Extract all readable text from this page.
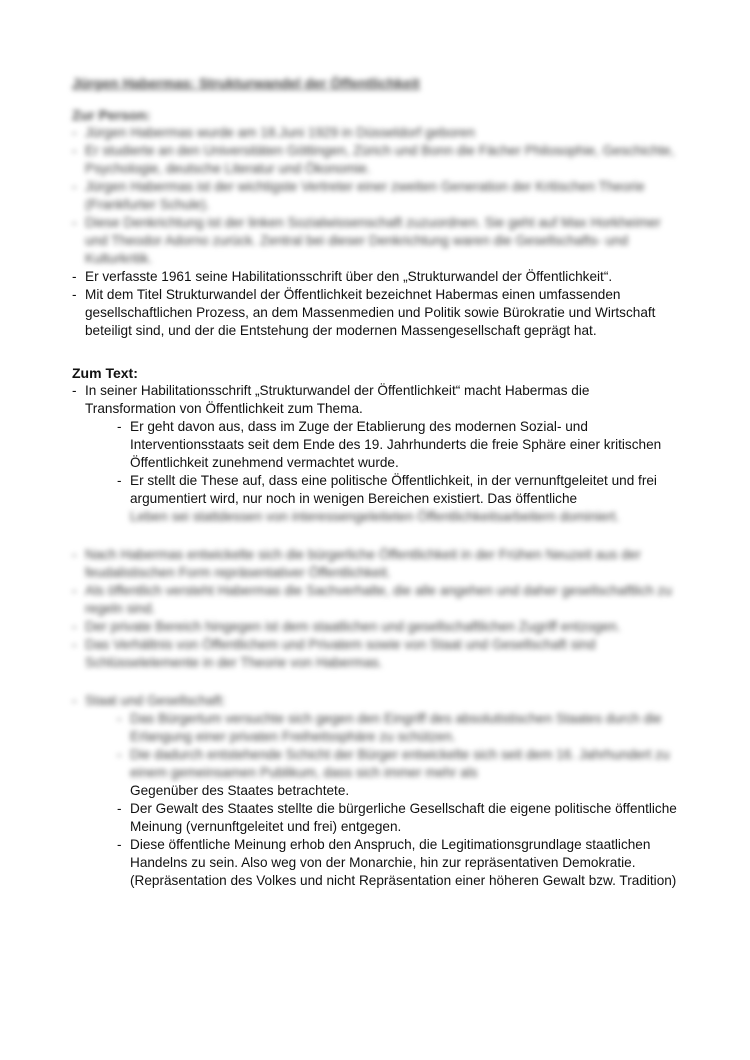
Jürgen Habermas: Strukturwandel der Öffentlichkeit
Zur Person:
- Jürgen Habermas wurde am 18.Juni 1929 in Düsseldorf geboren
- Er studierte an den Universitäten Göttingen, Zürich und Bonn die Fächer Philosophie, Geschichte, Psychologie, deutsche Literatur und Ökonomie.
- Jürgen Habermas ist der wichtigste Vertreter einer zweiten Generation der Kritischen Theorie (Frankfurter Schule).
- Diese Denkrichtung ist der linken Sozialwissenschaft zuzuordnen. Sie geht auf Max Horkheimer und Theodor Adorno zurück. Zentral bei dieser Denkrichtung waren die Gesellschafts- und Kulturkritik.
- Er verfasste 1961 seine Habilitationsschrift über den „Strukturwandel der Öffentlichkeit“.
- Mit dem Titel Strukturwandel der Öffentlichkeit bezeichnet Habermas einen umfassenden gesellschaftlichen Prozess, an dem Massenmedien und Politik sowie Bürokratie und Wirtschaft beteiligt sind, und der die Entstehung der modernen Massengesellschaft geprägt hat.
Zum Text:
- In seiner Habilitationsschrift „Strukturwandel der Öffentlichkeit“ macht Habermas die Transformation von Öffentlichkeit zum Thema.
- Er geht davon aus, dass im Zuge der Etablierung des modernen Sozial- und Interventionsstaats seit dem Ende des 19. Jahrhunderts die freie Sphäre einer kritischen Öffentlichkeit zunehmend vermachtet wurde.
- Er stellt die These auf, dass eine politische Öffentlichkeit, in der vernunftgeleitet und frei argumentiert wird, nur noch in wenigen Bereichen existiert. Das öffentliche
Leben sei stattdessen von interessengeleiteten Öffentlichkeitsarbeitern dominiert.
- Nach Habermas entwickelte sich die bürgerliche Öffentlichkeit in der Frühen Neuzeit aus der feudalistischen Form repräsentativer Öffentlichkeit.
- Als öffentlich versteht Habermas die Sachverhalte, die alle angehen und daher gesellschaftlich zu regeln sind.
- Der private Bereich hingegen ist dem staatlichen und gesellschaftlichen Zugriff entzogen.
- Das Verhältnis von Öffentlichem und Privatem sowie von Staat und Gesellschaft sind Schlüsselelemente in der Theorie von Habermas.
- Staat und Gesellschaft:
- Das Bürgertum versuchte sich gegen den Eingriff des absolutistischen Staates durch die Erlangung einer privaten Freiheitssphäre zu schützen.
- Die dadurch entstehende Schicht der Bürger entwickelte sich seit dem 16. Jahrhundert zu einem gemeinsamen Publikum, dass sich immer mehr als
Gegenüber des Staates betrachtete.
- Der Gewalt des Staates stellte die bürgerliche Gesellschaft die eigene politische öffentliche Meinung (vernunftgeleitet und frei) entgegen.
- Diese öffentliche Meinung erhob den Anspruch, die Legitimationsgrundlage staatlichen Handelns zu sein. Also weg von der Monarchie, hin zur repräsentativen Demokratie. (Repräsentation des Volkes und nicht Repräsentation einer höheren Gewalt bzw. Tradition)
